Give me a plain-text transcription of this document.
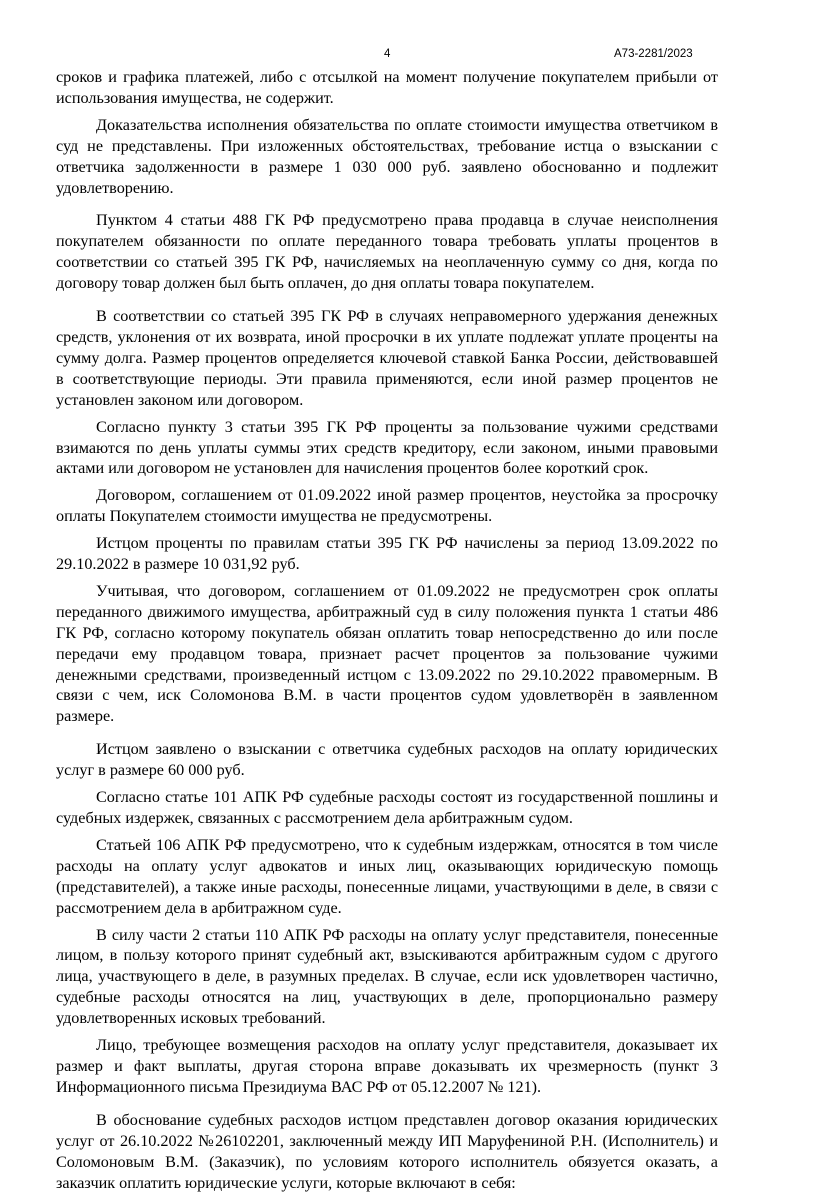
4	А73-2281/2023

сроков и графика платежей, либо с отсылкой на момент получение покупателем прибыли от использования имущества, не содержит.

Доказательства исполнения обязательства по оплате стоимости имущества ответчиком в суд не представлены. При изложенных обстоятельствах, требование истца о взыскании с ответчика задолженности в размере 1 030 000 руб. заявлено обоснованно и подлежит удовлетворению.

Пунктом 4 статьи 488 ГК РФ предусмотрено права продавца в случае неисполнения покупателем обязанности по оплате переданного товара требовать уплаты процентов в соответствии со статьей 395 ГК РФ, начисляемых на неоплаченную сумму со дня, когда по договору товар должен был быть оплачен, до дня оплаты товара покупателем.

В соответствии со статьей 395 ГК РФ в случаях неправомерного удержания денежных средств, уклонения от их возврата, иной просрочки в их уплате подлежат уплате проценты на сумму долга. Размер процентов определяется ключевой ставкой Банка России, действовавшей в соответствующие периоды. Эти правила применяются, если иной размер процентов не установлен законом или договором.

Согласно пункту 3 статьи 395 ГК РФ проценты за пользование чужими средствами взимаются по день уплаты суммы этих средств кредитору, если законом, иными правовыми актами или договором не установлен для начисления процентов более короткий срок.

Договором, соглашением от 01.09.2022 иной размер процентов, неустойка за просрочку оплаты Покупателем стоимости имущества не предусмотрены.

Истцом проценты по правилам статьи 395 ГК РФ начислены за период 13.09.2022 по 29.10.2022 в размере 10 031,92 руб.

Учитывая, что договором, соглашением от 01.09.2022 не предусмотрен срок оплаты переданного движимого имущества, арбитражный суд в силу положения пункта 1 статьи 486 ГК РФ, согласно которому покупатель обязан оплатить товар непосредственно до или после передачи ему продавцом товара, признает расчет процентов за пользование чужими денежными средствами, произведенный истцом с 13.09.2022 по 29.10.2022 правомерным. В связи с чем, иск Соломонова В.М. в части процентов судом удовлетворён в заявленном размере.

Истцом заявлено о взыскании с ответчика судебных расходов на оплату юридических услуг в размере 60 000 руб.

Согласно статье 101 АПК РФ судебные расходы состоят из государственной пошлины и судебных издержек, связанных с рассмотрением дела арбитражным судом.

Статьей 106 АПК РФ предусмотрено, что к судебным издержкам, относятся в том числе расходы на оплату услуг адвокатов и иных лиц, оказывающих юридическую помощь (представителей), а также иные расходы, понесенные лицами, участвующими в деле, в связи с рассмотрением дела в арбитражном суде.

В силу части 2 статьи 110 АПК РФ расходы на оплату услуг представителя, понесенные лицом, в пользу которого принят судебный акт, взыскиваются арбитражным судом с другого лица, участвующего в деле, в разумных пределах. В случае, если иск удовлетворен частично, судебные расходы относятся на лиц, участвующих в деле, пропорционально размеру удовлетворенных исковых требований.

Лицо, требующее возмещения расходов на оплату услуг представителя, доказывает их размер и факт выплаты, другая сторона вправе доказывать их чрезмерность (пункт 3 Информационного письма Президиума ВАС РФ от 05.12.2007 № 121).

В обоснование судебных расходов истцом представлен договор оказания юридических услуг от 26.10.2022 №26102201, заключенный между ИП Маруфениной Р.Н. (Исполнитель) и Соломоновым В.М. (Заказчик), по условиям которого исполнитель обязуется оказать, а заказчик оплатить юридические услуги, которые включают в себя:
